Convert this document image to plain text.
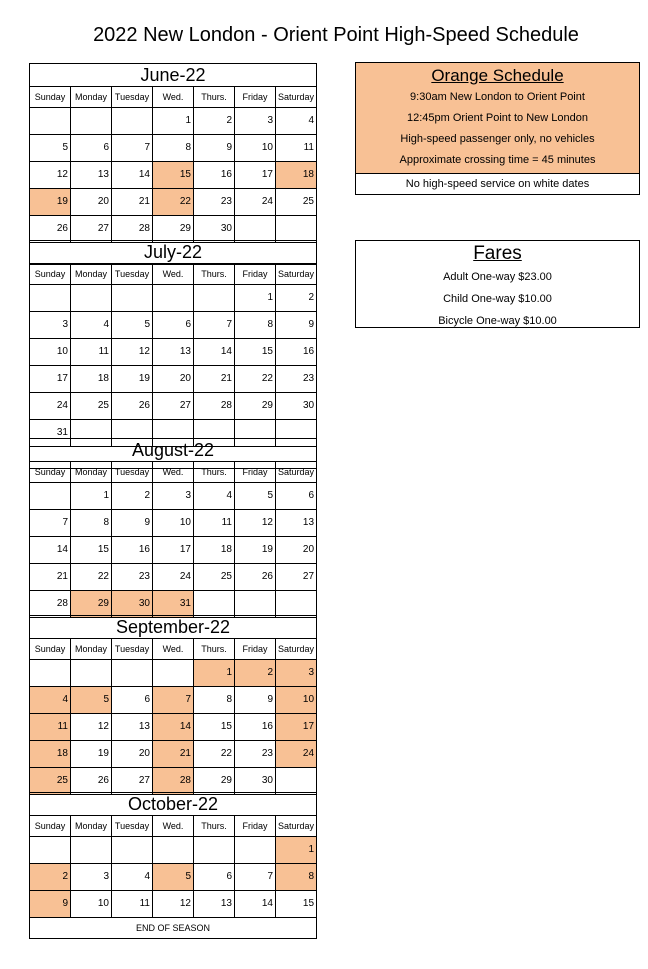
2022 New London - Orient Point High-Speed Schedule
June-22						
Sunday	Monday	Tuesday	Wed.	Thurs.	Friday	Saturday
			1	2	3	4
5	6	7	8	9	10	11
12	13	14	15	16	17	18
19	20	21	22	23	24	25
26	27	28	29	30		

July-22						
Sunday	Monday	Tuesday	Wed.	Thurs.	Friday	Saturday
					1	2
3	4	5	6	7	8	9
10	11	12	13	14	15	16
17	18	19	20	21	22	23
24	25	26	27	28	29	30
31						

August-22						
Sunday	Monday	Tuesday	Wed.	Thurs.	Friday	Saturday
	1	2	3	4	5	6
7	8	9	10	11	12	13
14	15	16	17	18	19	20
21	22	23	24	25	26	27
28	29	30	31			
September-22						
Sunday	Monday	Tuesday	Wed.	Thurs.	Friday	Saturday
				1	2	3
4	5	6	7	8	9	10
11	12	13	14	15	16	17
18	19	20	21	22	23	24
25	26	27	28	29	30	
October-22						
Sunday	Monday	Tuesday	Wed.	Thurs.	Friday	Saturday
						1
2	3	4	5	6	7	8
9	10	11	12	13	14	15
END OF SEASON						
Orange Schedule
9:30am New London to Orient Point
12:45pm Orient Point to New London
High-speed passenger only, no vehicles
Approximate crossing time = 45 minutes
No high-speed service on white dates
Fares
Adult One-way $23.00
Child One-way $10.00
Bicycle One-way $10.00
